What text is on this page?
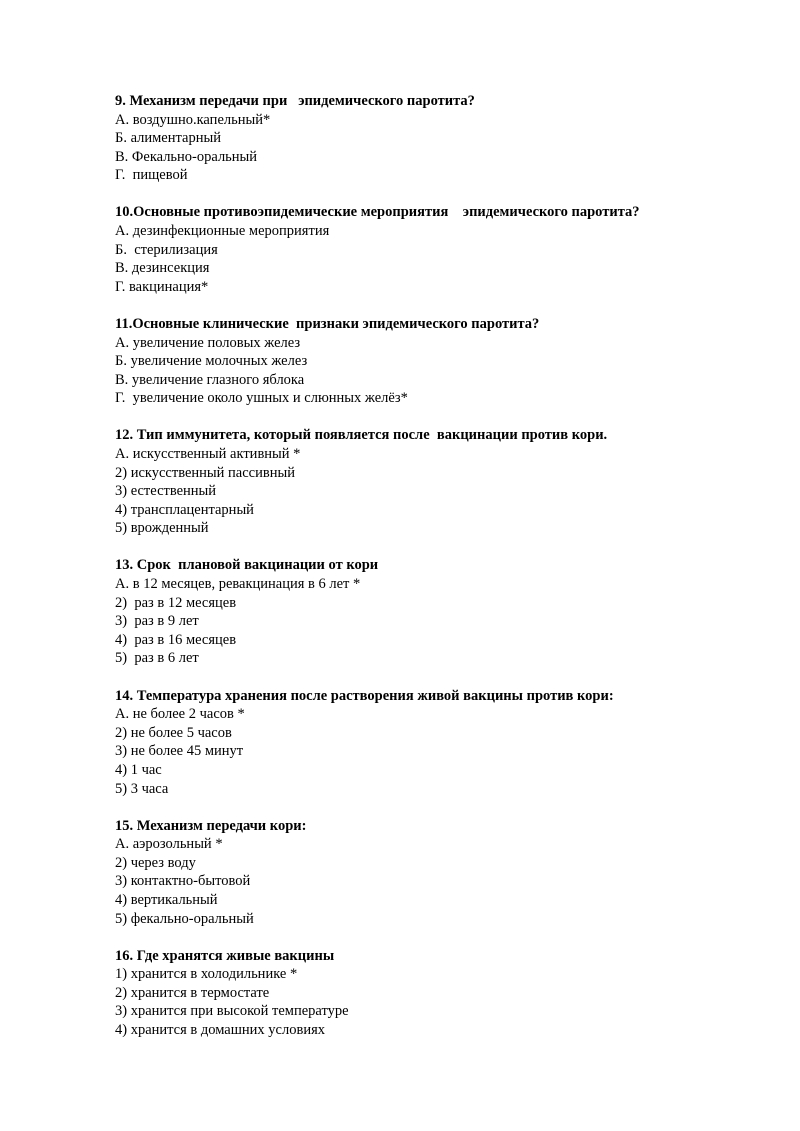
9. Механизм передачи при   эпидемического паротита?
А. воздушно.капельный*
Б. алиментарный
В. Фекально-оральный
Г.  пищевой
10.Основные противоэпидемические мероприятия    эпидемического паротита?
А. дезинфекционные мероприятия
Б.  стерилизация
В. дезинсекция
Г. вакцинация*
11.Основные клинические  признаки эпидемического паротита?
А. увеличение половых желез
Б. увеличение молочных желез
В. увеличение глазного яблока
Г.  увеличение около ушных и слюнных желёз*
12. Тип иммунитета, который появляется после  вакцинации против кори.
А. искусственный активный *
2) искусственный пассивный
3) естественный
4) трансплацентарный
5) врожденный
13. Срок  плановой вакцинации от кори
А. в 12 месяцев, ревакцинация в 6 лет *
2)  раз в 12 месяцев
3)  раз в 9 лет
4)  раз в 16 месяцев
5)  раз в 6 лет
14. Температура хранения после растворения живой вакцины против кори:
А. не более 2 часов *
2) не более 5 часов
3) не более 45 минут
4) 1 час
5) 3 часа
15. Механизм передачи кори:
А. аэрозольный *
2) через воду
3) контактно-бытовой
4) вертикальный
5) фекально-оральный
16. Где хранятся живые вакцины
1) хранится в холодильнике *
2) хранится в термостате
3) хранится при высокой температуре
4) хранится в домашних условиях
